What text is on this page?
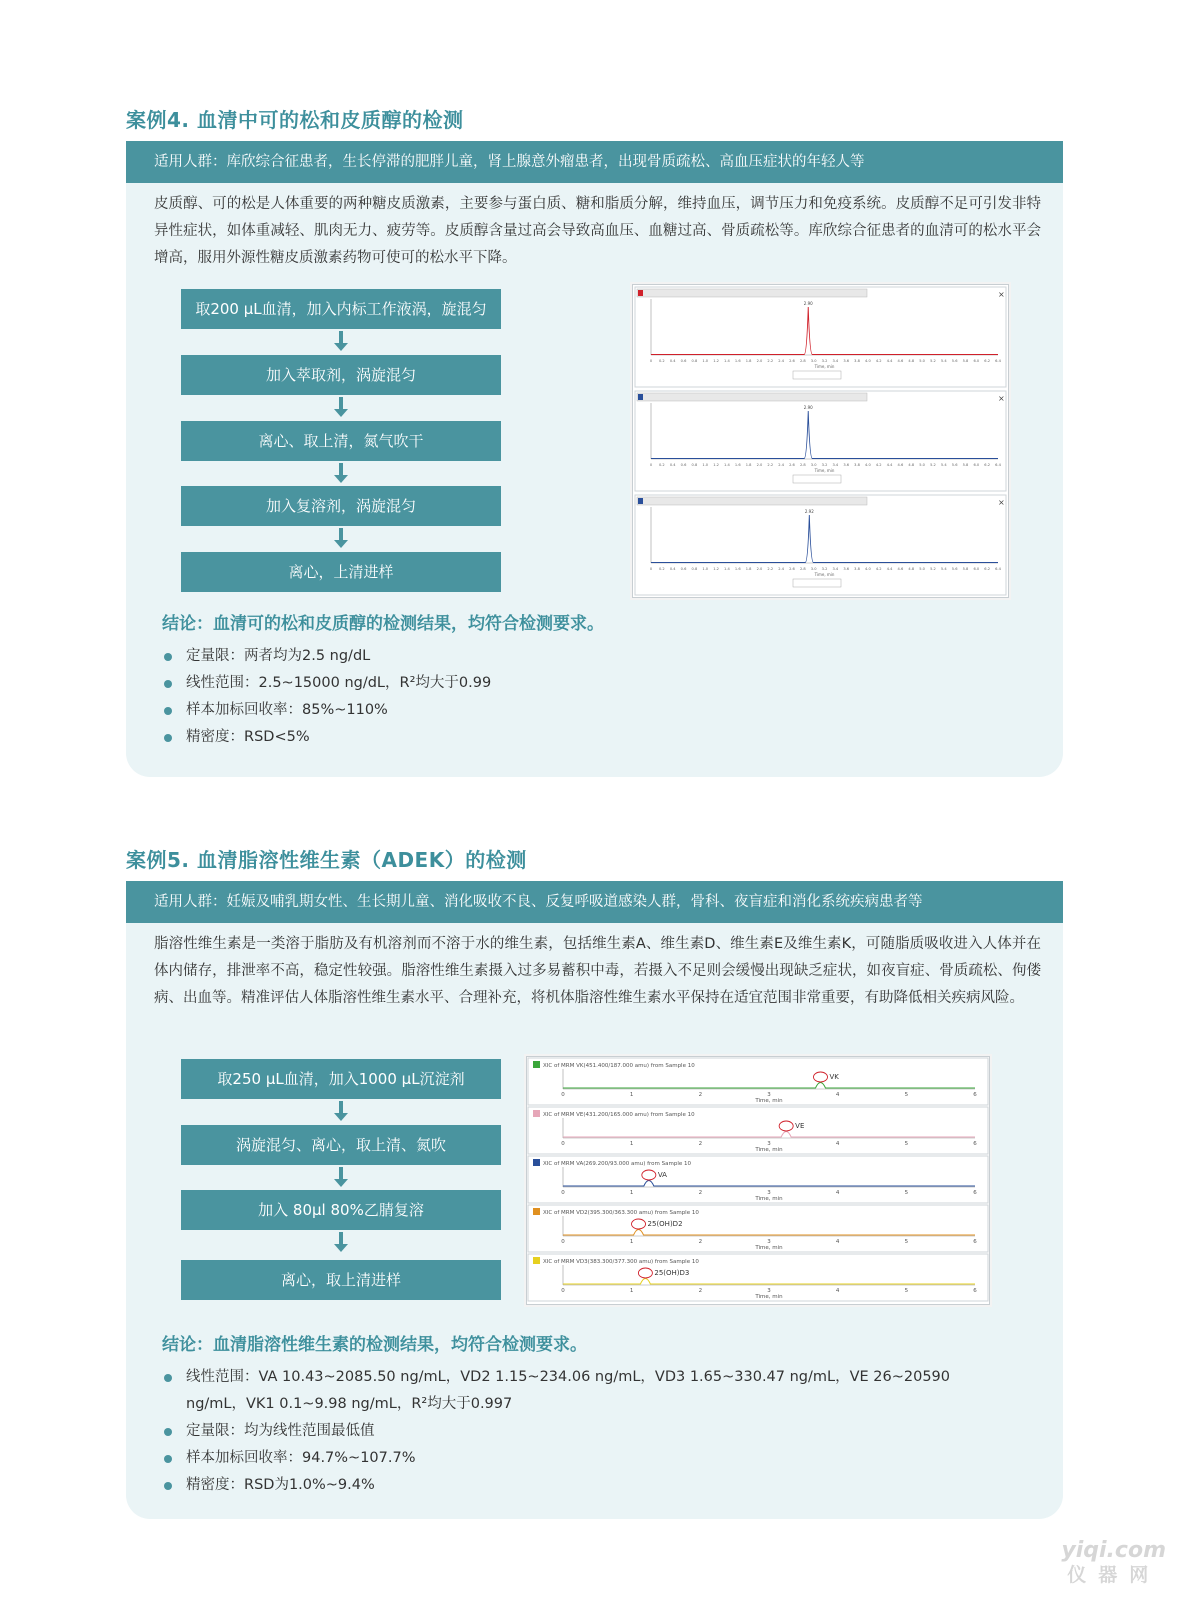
案例4. 血清中可的松和皮质醇的检测
适用人群：库欣综合征患者，生长停滞的肥胖儿童，肾上腺意外瘤患者，出现骨质疏松、高血压症状的年轻人等
皮质醇、可的松是人体重要的两种糖皮质激素，主要参与蛋白质、糖和脂质分解，维持血压，调节压力和免疫系统。皮质醇不足可引发非特异性症状，如体重减轻、肌肉无力、疲劳等。皮质醇含量过高会导致高血压、血糖过高、骨质疏松等。库欣综合征患者的血清可的松水平会增高，服用外源性糖皮质激素药物可使可的松水平下降。
取200 μL血清，加入内标工作液涡，旋混匀
加入萃取剂，涡旋混匀
离心、取上清，氮气吹干
加入复溶剂，涡旋混匀
离心，上清进样
×
0 0.2 0.4 0.6 0.8 1.0 1.2 1.4 1.6 1.8 2.0 2.2 2.4 2.6 2.8 3.0 3.2 3.4 3.6 3.8 4.0 4.2 4.4 4.6 4.8 5.0 5.2 5.4 5.6 5.8 6.0 6.2 6.4
Time, min
2.90
×
0 0.2 0.4 0.6 0.8 1.0 1.2 1.4 1.6 1.8 2.0 2.2 2.4 2.6 2.8 3.0 3.2 3.4 3.6 3.8 4.0 4.2 4.4 4.6 4.8 5.0 5.2 5.4 5.6 5.8 6.0 6.2 6.4
Time, min
2.90
×
0 0.2 0.4 0.6 0.8 1.0 1.2 1.4 1.6 1.8 2.0 2.2 2.4 2.6 2.8 3.0 3.2 3.4 3.6 3.8 4.0 4.2 4.4 4.6 4.8 5.0 5.2 5.4 5.6 5.8 6.0 6.2 6.4
Time, min
2.92
结论：血清可的松和皮质醇的检测结果，均符合检测要求。
定量限：两者均为2.5 ng/dL
线性范围：2.5~15000 ng/dL，R²均大于0.99
样本加标回收率：85%~110%
精密度：RSD<5%
案例5. 血清脂溶性维生素（ADEK）的检测
适用人群：妊娠及哺乳期女性、生长期儿童、消化吸收不良、反复呼吸道感染人群，骨科、夜盲症和消化系统疾病患者等
脂溶性维生素是一类溶于脂肪及有机溶剂而不溶于水的维生素，包括维生素A、维生素D、维生素E及维生素K，可随脂质吸收进入人体并在体内储存，排泄率不高，稳定性较强。脂溶性维生素摄入过多易蓄积中毒，若摄入不足则会缓慢出现缺乏症状，如夜盲症、骨质疏松、佝偻病、出血等。精准评估人体脂溶性维生素水平、合理补充，将机体脂溶性维生素水平保持在适宜范围非常重要，有助降低相关疾病风险。
取250 μL血清，加入1000 μL沉淀剂
涡旋混匀、离心，取上清、氮吹
加入 80μl 80%乙腈复溶
离心，取上清进样
XIC of MRM VK(451.400/187.000 amu) from Sample 10
0	1	2	3	4	5	6
Time, min
VK
XIC of MRM VE(431.200/165.000 amu) from Sample 10
0	1	2	3	4	5	6
Time, min
VE
XIC of MRM VA(269.200/93.000 amu) from Sample 10
0	1	2	3	4	5	6
Time, min
VA
XIC of MRM VD2(395.300/363.300 amu) from Sample 10
0	1	2	3	4	5	6
Time, min
25(OH)D2
XIC of MRM VD3(383.300/377.300 amu) from Sample 10
0	1	2	3	4	5	6
Time, min
25(OH)D3
结论：血清脂溶性维生素的检测结果，均符合检测要求。
线性范围：VA 10.43~2085.50 ng/mL，VD2 1.15~234.06 ng/mL，VD3 1.65~330.47 ng/mL，VE 26~20590 ng/mL，VK1 0.1~9.98 ng/mL，R²均大于0.997
定量限：均为线性范围最低值
样本加标回收率：94.7%~107.7%
精密度：RSD为1.0%~9.4%
yiqi.com
仪器网
